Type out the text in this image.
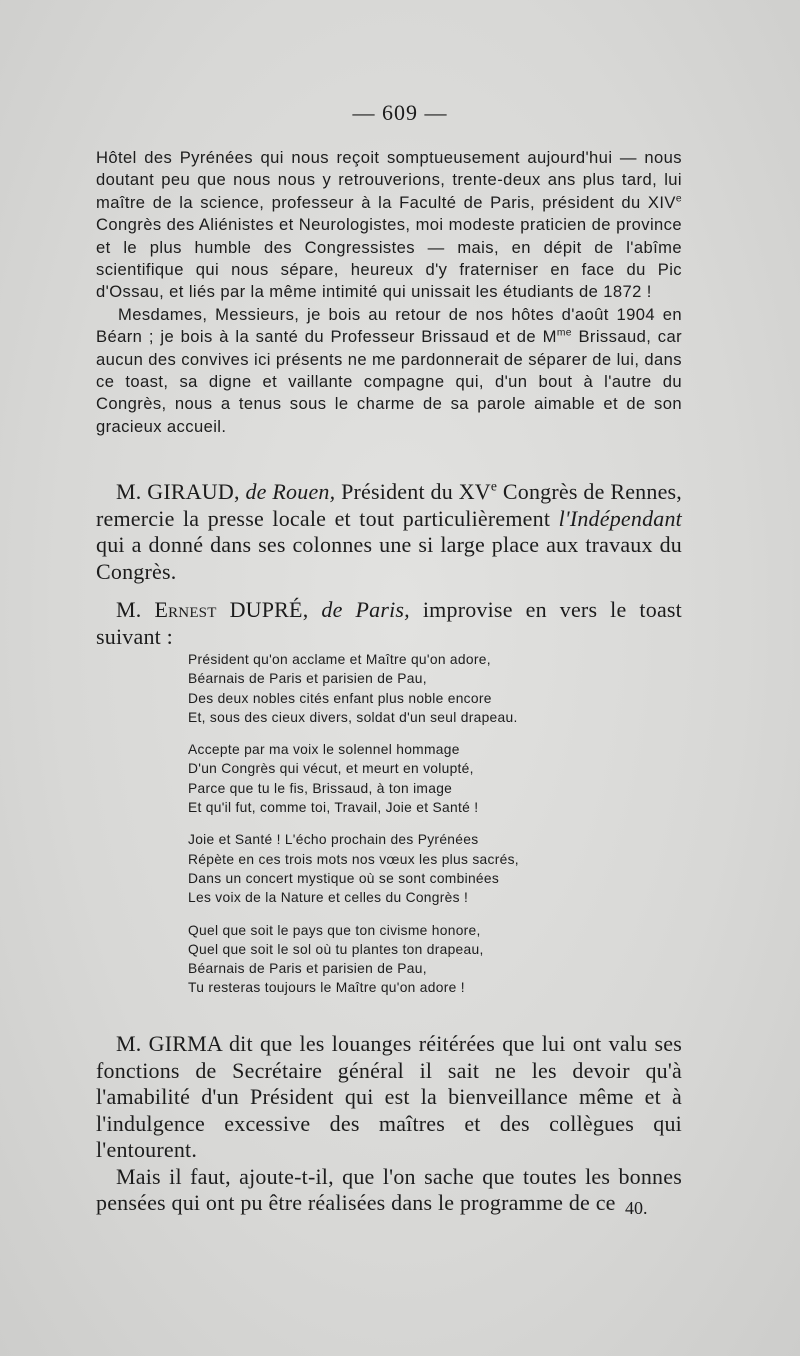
— 609 —

Hôtel des Pyrénées qui nous reçoit somptueusement aujourd'hui — nous doutant peu que nous nous y retrouverions, trente-deux ans plus tard, lui maître de la science, professeur à la Faculté de Paris, président du XIVe Congrès des Aliénistes et Neurologistes, moi modeste praticien de province et le plus humble des Congressistes — mais, en dépit de l'abîme scientifique qui nous sépare, heureux d'y fraterniser en face du Pic d'Ossau, et liés par la même intimité qui unissait les étudiants de 1872 !

Mesdames, Messieurs, je bois au retour de nos hôtes d'août 1904 en Béarn ; je bois à la santé du Professeur Brissaud et de $M^{me}$ Brissaud, car aucun des convives ici présents ne me pardonnerait de séparer de lui, dans ce toast, sa digne et vaillante compagne qui, d'un bout à l'autre du Congrès, nous a tenus sous le charme de sa parole aimable et de son gracieux accueil.

M. GIRAUD, de Rouen, Président du XVe Congrès de Rennes, remercie la presse locale et tout particulièrement l'Indépendant qui a donné dans ses colonnes une si large place aux travaux du Congrès.

M. Ernest DUPRÉ, de Paris, improvise en vers le toast suivant :

Président qu'on acclame et Maître qu'on adore,
Béarnais de Paris et parisien de Pau,
Des deux nobles cités enfant plus noble encore
Et, sous des cieux divers, soldat d'un seul drapeau.
Accepte par ma voix le solennel hommage
D'un Congrès qui vécut, et meurt en volupté,
Parce que tu le fis, Brissaud, à ton image
Et qu'il fut, comme toi, Travail, Joie et Santé !
Joie et Santé ! L'écho prochain des Pyrénées
Répète en ces trois mots nos vœux les plus sacrés,
Dans un concert mystique où se sont combinées
Les voix de la Nature et celles du Congrès !
Quel que soit le pays que ton civisme honore,
Quel que soit le sol où tu plantes ton drapeau,
Béarnais de Paris et parisien de Pau,
Tu resteras toujours le Maître qu'on adore !

M. GIRMA dit que les louanges réitérées que lui ont valu ses fonctions de Secrétaire général il sait ne les devoir qu'à l'amabilité d'un Président qui est la bienveillance même et à l'indulgence excessive des maîtres et des collègues qui l'entourent.

Mais il faut, ajoute-t-il, que l'on sache que toutes les bonnes pensées qui ont pu être réalisées dans le programme de ce 40.
